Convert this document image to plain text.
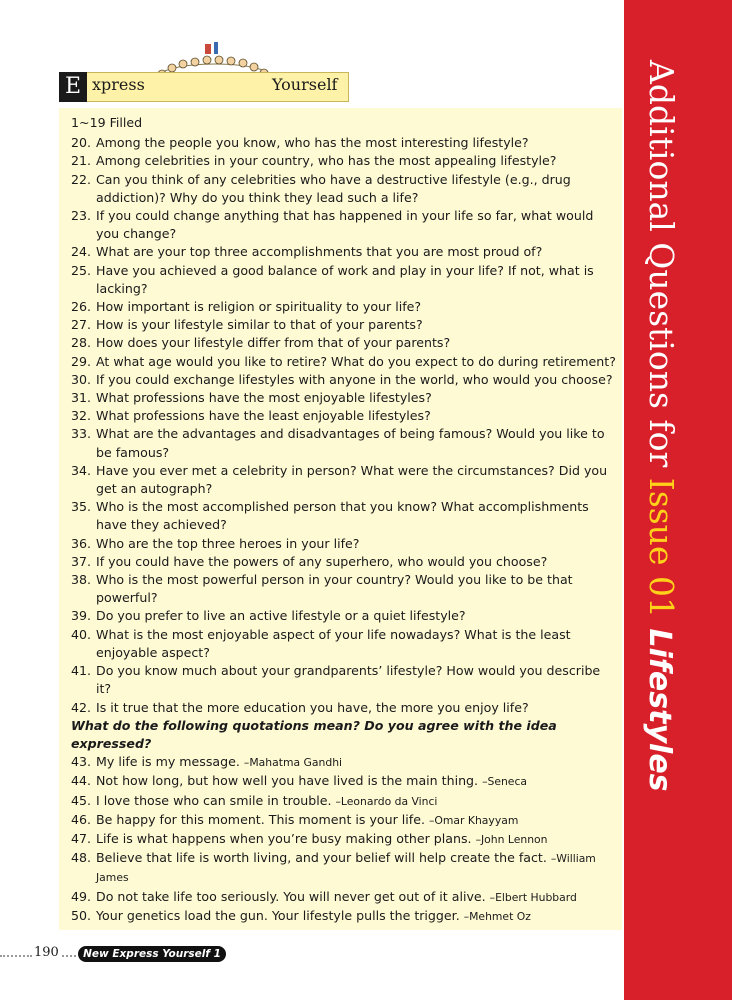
Additional Questions for Issue 01 Lifestyles
E xpress	Yourself
1~19 Filled
20. Among the people you know, who has the most interesting lifestyle?
21. Among celebrities in your country, who has the most appealing lifestyle?
22. Can you think of any celebrities who have a destructive lifestyle (e.g., drug addiction)? Why do you think they lead such a life?
23. If you could change anything that has happened in your life so far, what would you change?
24. What are your top three accomplishments that you are most proud of?
25. Have you achieved a good balance of work and play in your life? If not, what is lacking?
26. How important is religion or spirituality to your life?
27. How is your lifestyle similar to that of your parents?
28. How does your lifestyle differ from that of your parents?
29. At what age would you like to retire? What do you expect to do during retirement?
30. If you could exchange lifestyles with anyone in the world, who would you choose?
31. What professions have the most enjoyable lifestyles?
32. What professions have the least enjoyable lifestyles?
33. What are the advantages and disadvantages of being famous? Would you like to be famous?
34. Have you ever met a celebrity in person? What were the circumstances? Did you get an autograph?
35. Who is the most accomplished person that you know? What accomplishments have they achieved?
36. Who are the top three heroes in your life?
37. If you could have the powers of any superhero, who would you choose?
38. Who is the most powerful person in your country? Would you like to be that powerful?
39. Do you prefer to live an active lifestyle or a quiet lifestyle?
40. What is the most enjoyable aspect of your life nowadays? What is the least enjoyable aspect?
41. Do you know much about your grandparents’ lifestyle? How would you describe it?
42. Is it true that the more education you have, the more you enjoy life?
What do the following quotations mean? Do you agree with the idea expressed?
43. My life is my message. –Mahatma Gandhi
44. Not how long, but how well you have lived is the main thing. –Seneca
45. I love those who can smile in trouble. –Leonardo da Vinci
46. Be happy for this moment. This moment is your life. –Omar Khayyam
47. Life is what happens when you’re busy making other plans. –John Lennon
48. Believe that life is worth living, and your belief will help create the fact. –William James
49. Do not take life too seriously. You will never get out of it alive. –Elbert Hubbard
50. Your genetics load the gun. Your lifestyle pulls the trigger. –Mehmet Oz
190	New Express Yourself 1
